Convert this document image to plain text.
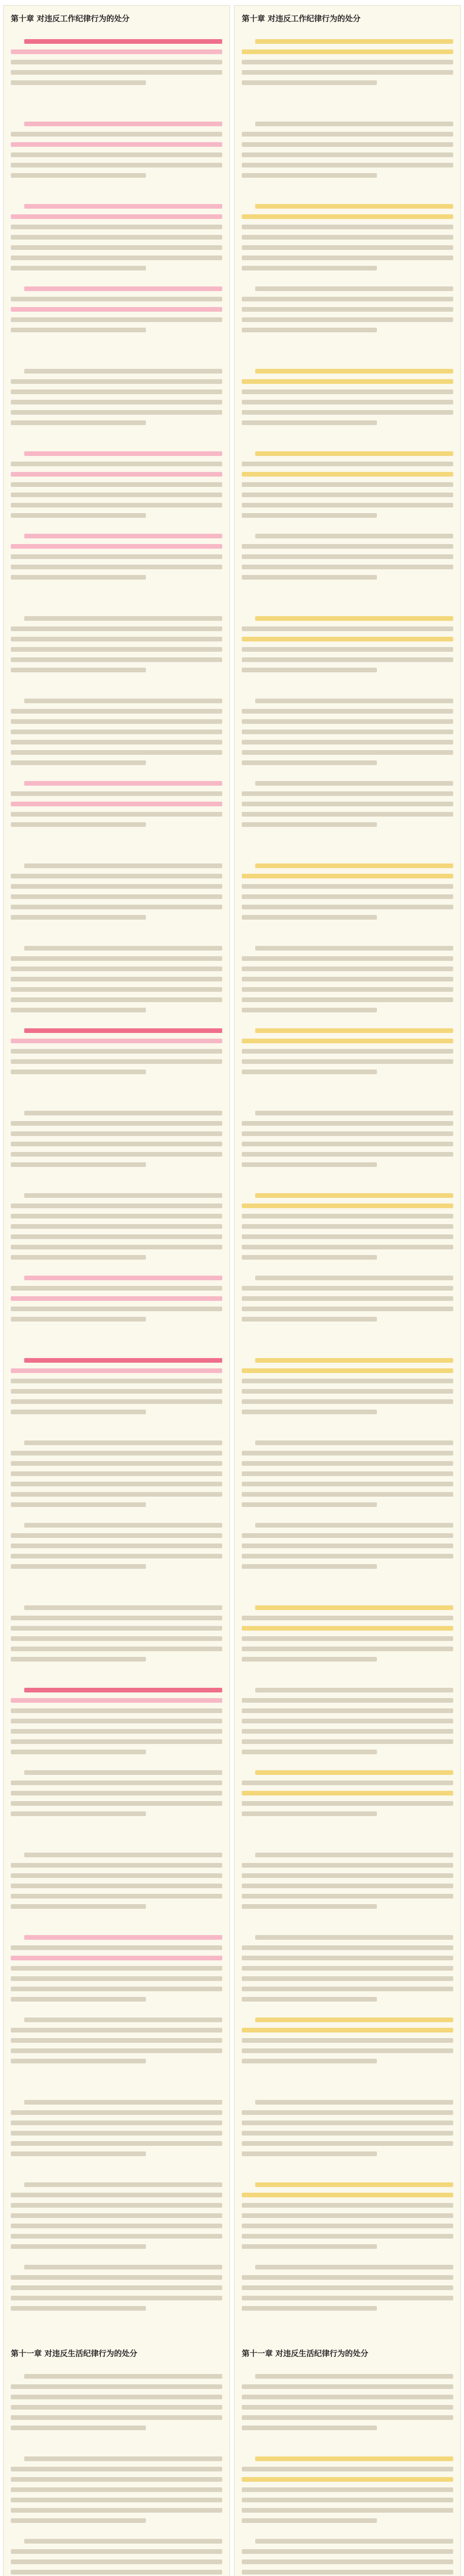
第十章 对违反工作纪律行为的处分
第十一章 对违反生活纪律行为的处分
第十章 对违反工作纪律行为的处分
第十一章 对违反生活纪律行为的处分
